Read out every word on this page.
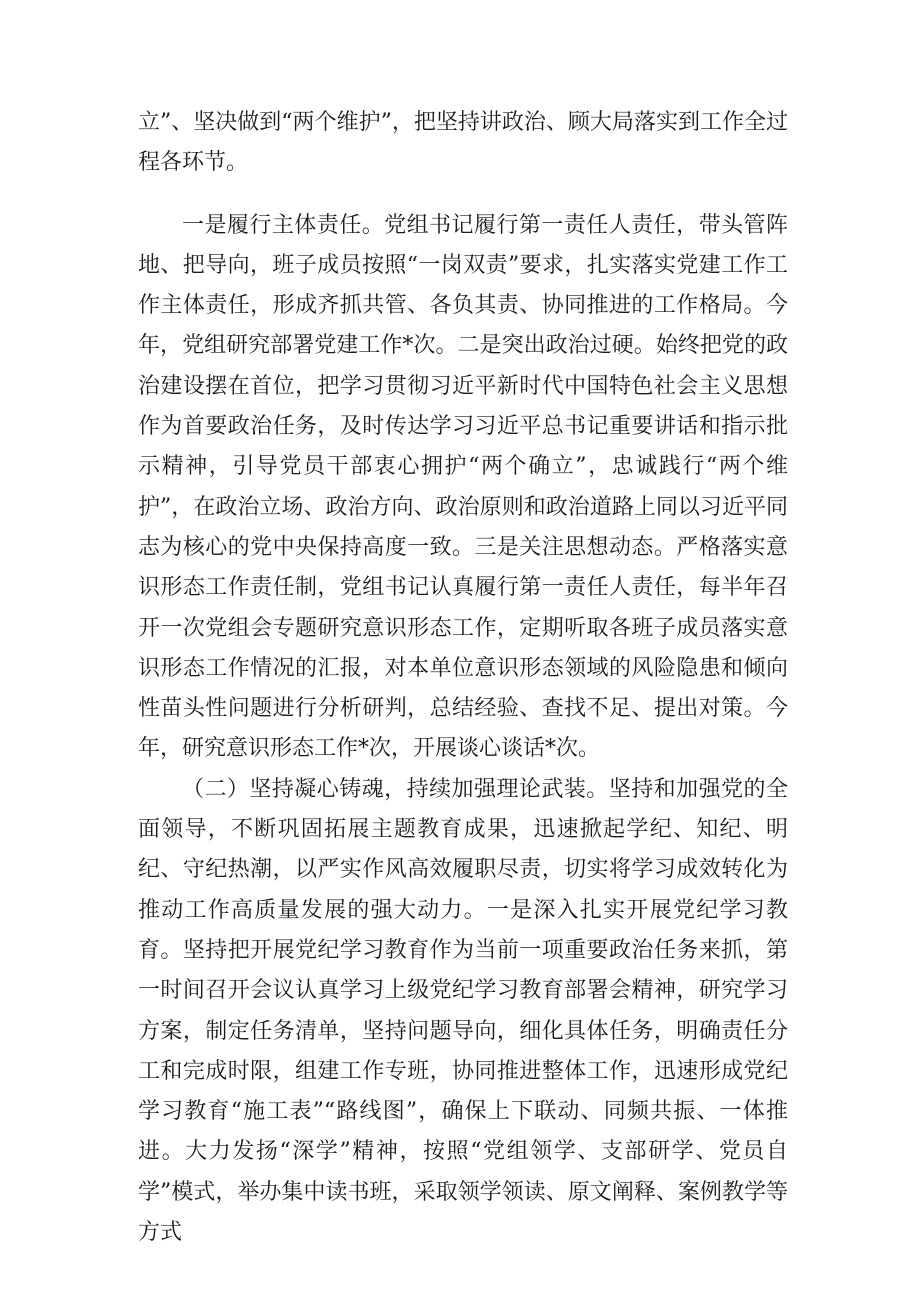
立”、坚决做到“两个维护”，把坚持讲政治、顾大局落实到工作全过程各环节。

一是履行主体责任。党组书记履行第一责任人责任，带头管阵地、把导向，班子成员按照“一岗双责”要求，扎实落实党建工作工作主体责任，形成齐抓共管、各负其责、协同推进的工作格局。今年，党组研究部署党建工作*次。二是突出政治过硬。始终把党的政治建设摆在首位，把学习贯彻习近平新时代中国特色社会主义思想作为首要政治任务，及时传达学习习近平总书记重要讲话和指示批示精神，引导党员干部衷心拥护“两个确立”，忠诚践行“两个维护”，在政治立场、政治方向、政治原则和政治道路上同以习近平同志为核心的党中央保持高度一致。三是关注思想动态。严格落实意识形态工作责任制，党组书记认真履行第一责任人责任，每半年召开一次党组会专题研究意识形态工作，定期听取各班子成员落实意识形态工作情况的汇报，对本单位意识形态领域的风险隐患和倾向性苗头性问题进行分析研判，总结经验、查找不足、提出对策。今年，研究意识形态工作*次，开展谈心谈话*次。

（二）坚持凝心铸魂，持续加强理论武装。坚持和加强党的全面领导，不断巩固拓展主题教育成果，迅速掀起学纪、知纪、明纪、守纪热潮，以严实作风高效履职尽责，切实将学习成效转化为推动工作高质量发展的强大动力。一是深入扎实开展党纪学习教育。坚持把开展党纪学习教育作为当前一项重要政治任务来抓，第一时间召开会议认真学习上级党纪学习教育部署会精神，研究学习方案，制定任务清单，坚持问题导向，细化具体任务，明确责任分工和完成时限，组建工作专班，协同推进整体工作，迅速形成党纪学习教育“施工表”“路线图”，确保上下联动、同频共振、一体推进。大力发扬“深学”精神，按照“党组领学、支部研学、党员自学”模式，举办集中读书班，采取领学领读、原文阐释、案例教学等方式
